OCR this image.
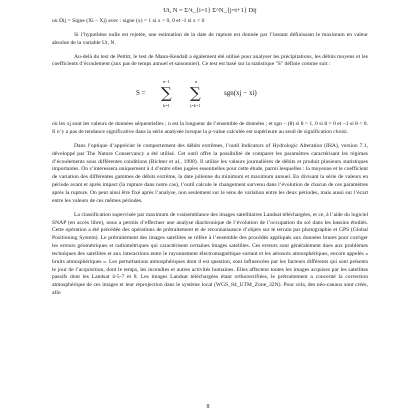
Ut, N = Σ^t_{i=1} Σ^N_{j=t+1} Dij

où Dij = Signe (Xi – Xj) avec : signe (x) = 1 si x > 0, 0 et -1 si x < 0

Si l’hypothèse nulle est rejetée, une estimation de la date de rupture est donnée par l’instant définissant le maximum en valeur absolue de la variable Ut, N.
Au-delà du test de Pettitt, le test de Mann-Kendall a également été utilisé pour analyser les précipitations, les débits moyens et les coefficients d’écoulement (aux pas de temps annuel et saisonnier). Ce test est basé sur la statistique "S" définie comme suit :
S =
n−1
∑
k=1
n
∑
j=k+1
sgn(xj − xi)
où les xj sont les valeurs de données séquentielles ; n est la longueur de l’ensemble de données ; et sgn − (θ) si θ > 1, 0 si θ = 0 et −1 si θ < 0. Il n’y a pas de tendance significative dans la série analysée lorsque la p-value calculée est supérieure au seuil de signification choisi.
Dans l’optique d’apprécier le comportement des débits extrêmes, l’outil Indicators of Hydrologic Alteration (IHA), version 7.1, développé par The Nature Conservancy a été utilisé. Cet outil offre la possibilité de comparer les paramètres caractérisant les régimes d’écoulements sous différentes conditions (Richter et al., 1998). Il utilise les valeurs journalières de débits et produit plusieurs statistiques importantes. On s’intéressera uniquement à 4 d’entre elles jugées essentielles pour cette étude, parmi lesquelles : la moyenne et le coefficient de variation des différentes gammes de débits extrême, la date julienne du minimum et maximum annuel. En divisant la série de valeurs en période avant et après impact (la rupture dans notre cas), l’outil calcule le changement survenu dans l’évolution de chacun de ces paramètres après la rupture. On peut ainsi être fixé après l’analyse, non seulement sur le sens de variation entre les deux périodes, mais aussi sur l’écart entre les valeurs de ces mêmes périodes.
La classification supervisée par maximum de vraisemblance des images satellitaires Landsat téléchargées, et ce, à l’aide du logiciel SNAP (en accès libre), nous a permis d’effectuer une analyse diachronique de l’évolution de l’occupation du sol dans les bassins étudiés. Cette opération a été précédée des opérations de prétraitement et de reconnaissance d’objets sur le terrain par photographie et GPS (Global Positioning System). Le prétraitement des images satellites se réfère à l’ensemble des procédés appliqués aux données brutes pour corriger les erreurs géométriques et radiométriques qui caractérisent certaines images satellites. Ces erreurs sont généralement dues aux problèmes techniques des satellites et aux interactions entre le rayonnement électromagnétique sortant et les aérosols atmosphériques, encore appelés « bruits atmosphériques ». Les perturbations atmosphériques dont il est question, sont influencées par les facteurs différents qui sont présents le jour de l’acquisition, dont le temps, les incendies et autres activités humaines. Elles affectent toutes les images acquises par les satellites passifs dont les Landsat 4-5-7 et 8. Les images Landsat téléchargées étant orthorectifiées, le prétraitement a concerné la correction atmosphérique de ces images et leur reprojection dans le système local (WGS_84_UTM_Zone_32N). Pour cela, des néo-canaux sont créés, afin
8
